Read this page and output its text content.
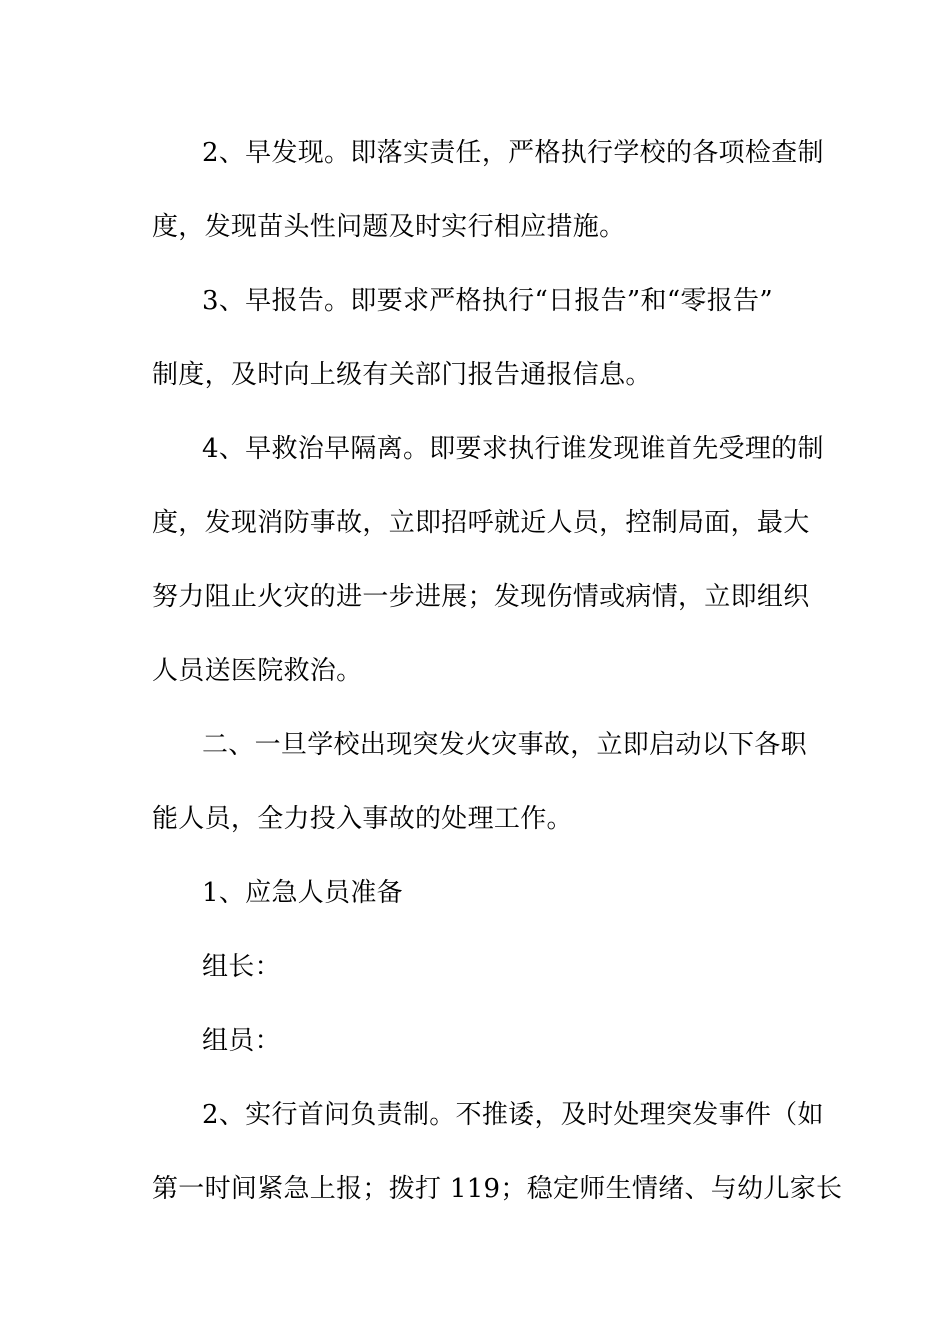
2、早发现。即落实责任，严格执行学校的各项检查制
度，发现苗头性问题及时实行相应措施。
3、早报告。即要求严格执行“日报告”和“零报告”
制度，及时向上级有关部门报告通报信息。
4、早救治早隔离。即要求执行谁发现谁首先受理的制
度，发现消防事故，立即招呼就近人员，控制局面，最大
努力阻止火灾的进一步进展；发现伤情或病情，立即组织
人员送医院救治。
二、一旦学校出现突发火灾事故，立即启动以下各职
能人员，全力投入事故的处理工作。
1、应急人员准备
组长：
组员：
2、实行首问负责制。不推诿，及时处理突发事件（如
第一时间紧急上报；拨打 119；稳定师生情绪、与幼儿家长
